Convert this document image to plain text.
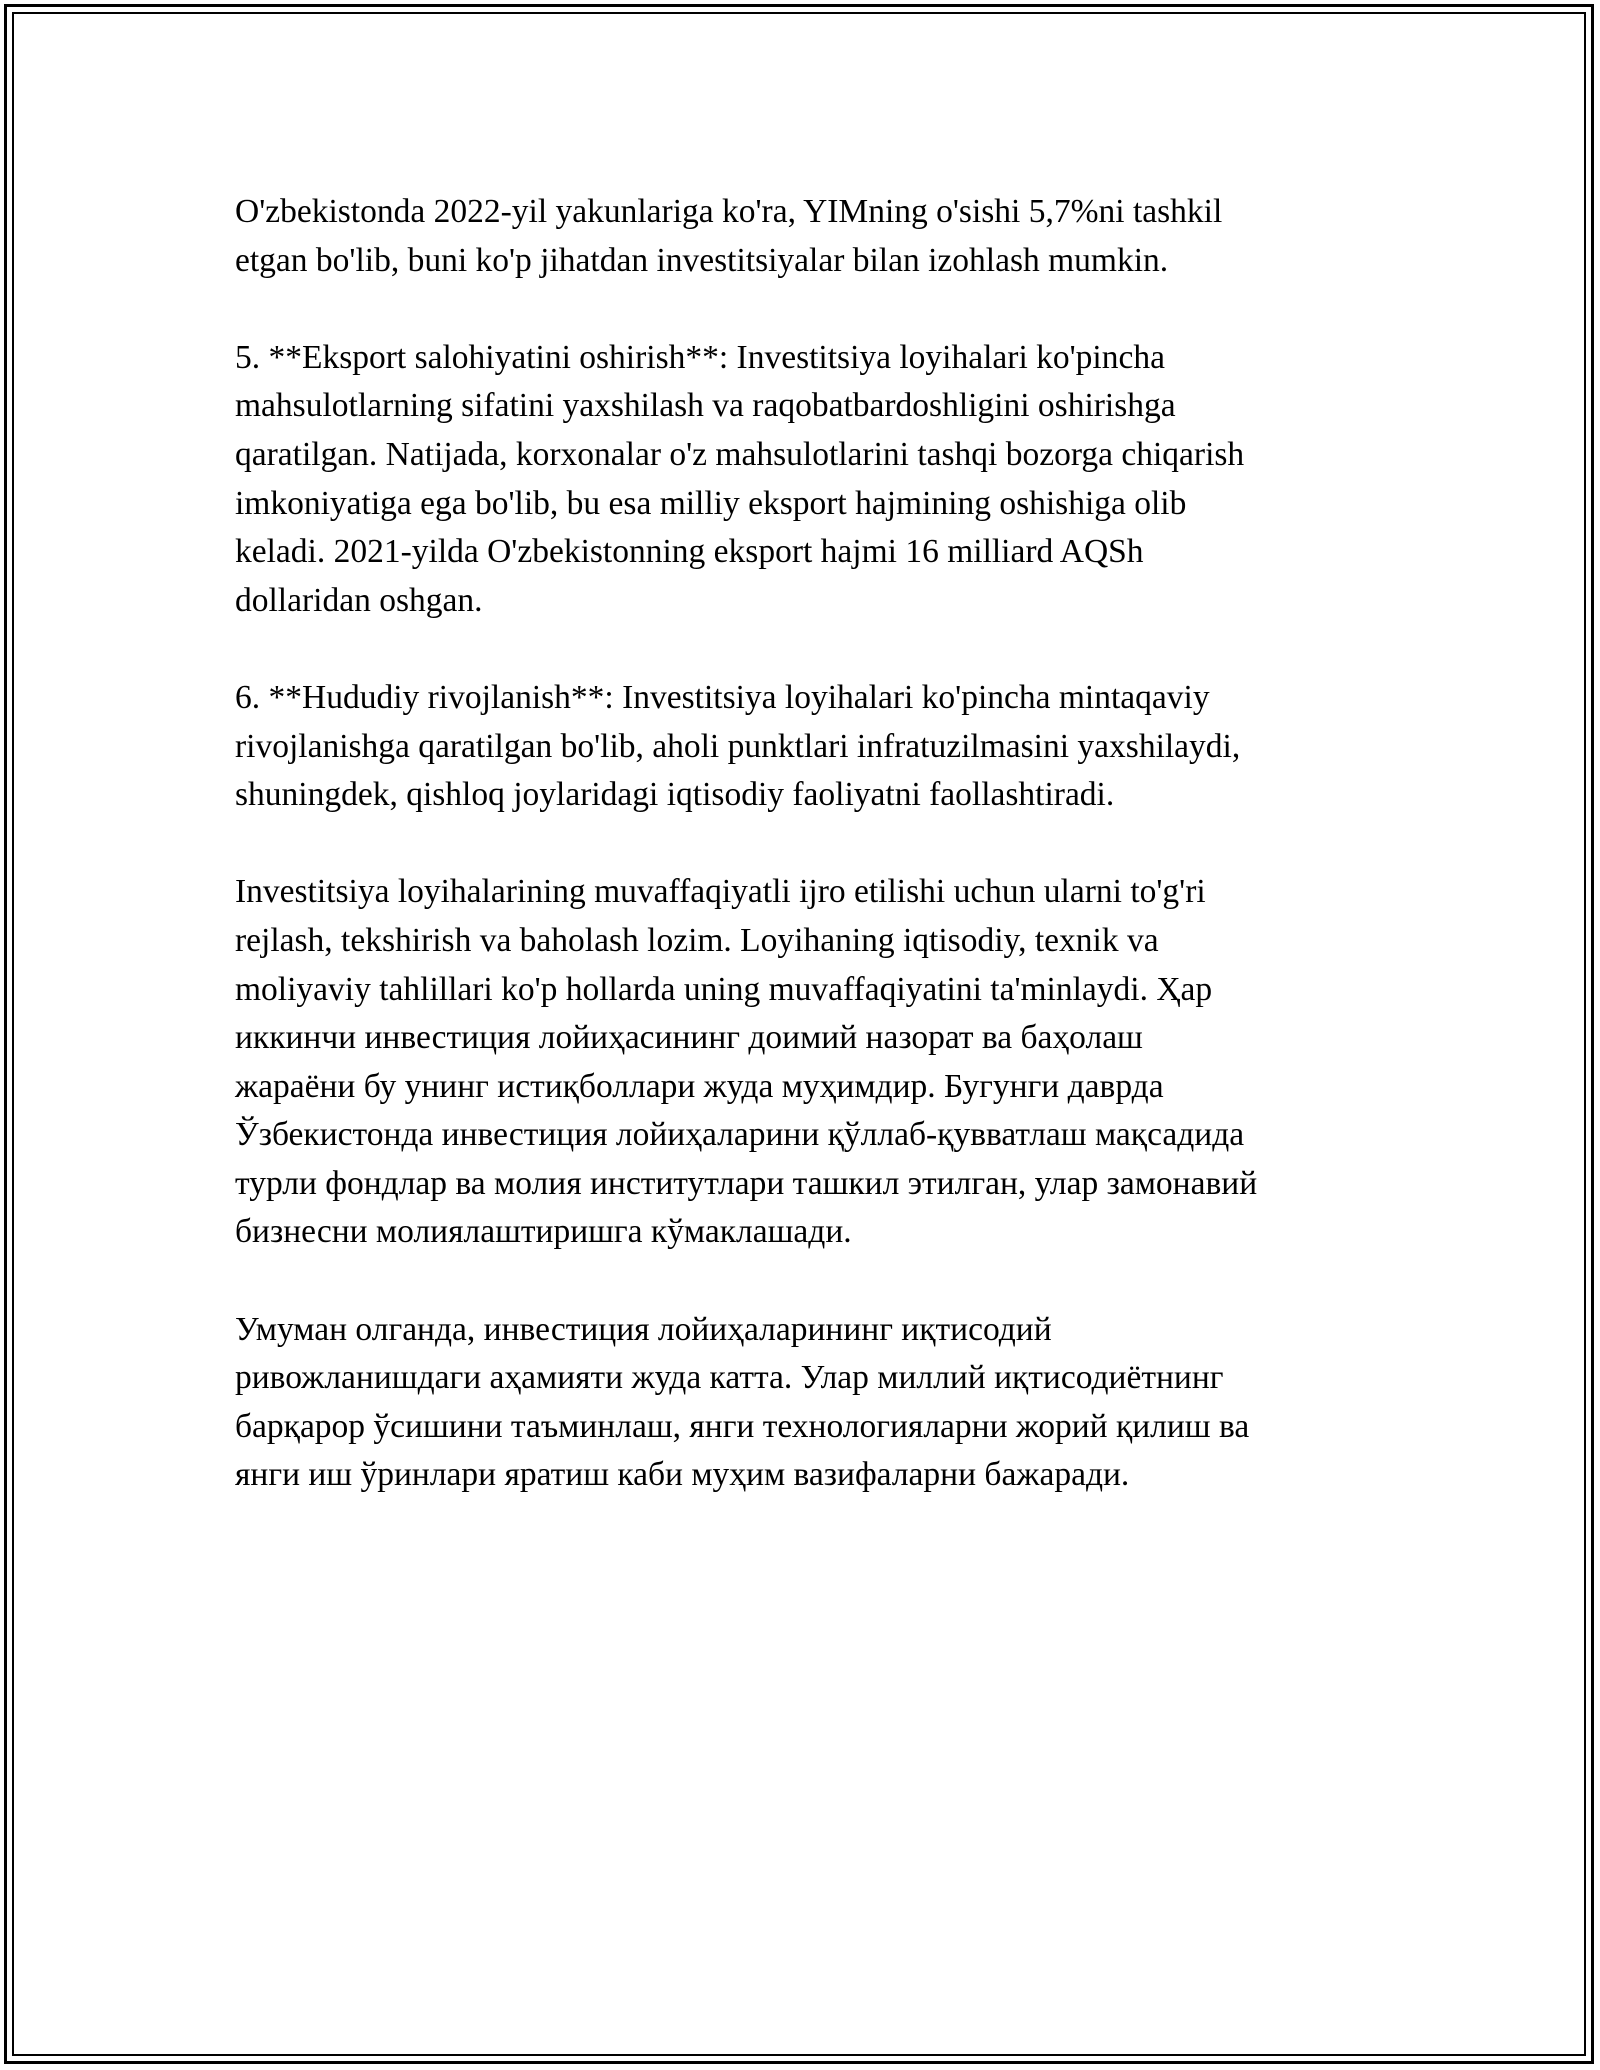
O'zbekistonda 2022-yil yakunlariga ko'ra, YIMning o'sishi 5,7%ni tashkil
etgan bo'lib, buni ko'p jihatdan investitsiyalar bilan izohlash mumkin.

5. **Eksport salohiyatini oshirish**: Investitsiya loyihalari ko'pincha
mahsulotlarning sifatini yaxshilash va raqobatbardoshligini oshirishga
qaratilgan. Natijada, korxonalar o'z mahsulotlarini tashqi bozorga chiqarish
imkoniyatiga ega bo'lib, bu esa milliy eksport hajmining oshishiga olib
keladi. 2021-yilda O'zbekistonning eksport hajmi 16 milliard AQSh
dollaridan oshgan.

6. **Hududiy rivojlanish**: Investitsiya loyihalari ko'pincha mintaqaviy
rivojlanishga qaratilgan bo'lib, aholi punktlari infratuzilmasini yaxshilaydi,
shuningdek, qishloq joylaridagi iqtisodiy faoliyatni faollashtiradi.

Investitsiya loyihalarining muvaffaqiyatli ijro etilishi uchun ularni to'g'ri
rejlash, tekshirish va baholash lozim. Loyihaning iqtisodiy, texnik va
moliyaviy tahlillari ko'p hollarda uning muvaffaqiyatini ta'minlaydi. Ҳар
иккинчи инвестиция лойиҳасининг доимий назорат ва баҳолаш
жараёни бу унинг истиқболлари жуда муҳимдир. Бугунги даврда
Ўзбекистонда инвестиция лойиҳаларини қўллаб-қувватлаш мақсадида
турли фондлар ва молия институтлари ташкил этилган, улар замонавий
бизнесни молиялаштиришга кўмаклашади.

Умуман олганда, инвестиция лойиҳаларининг иқтисодий
ривожланишдаги аҳамияти жуда катта. Улар миллий иқтисодиётнинг
барқарор ўсишини таъминлаш, янги технологияларни жорий қилиш ва
янги иш ўринлари яратиш каби муҳим вазифаларни бажаради.
